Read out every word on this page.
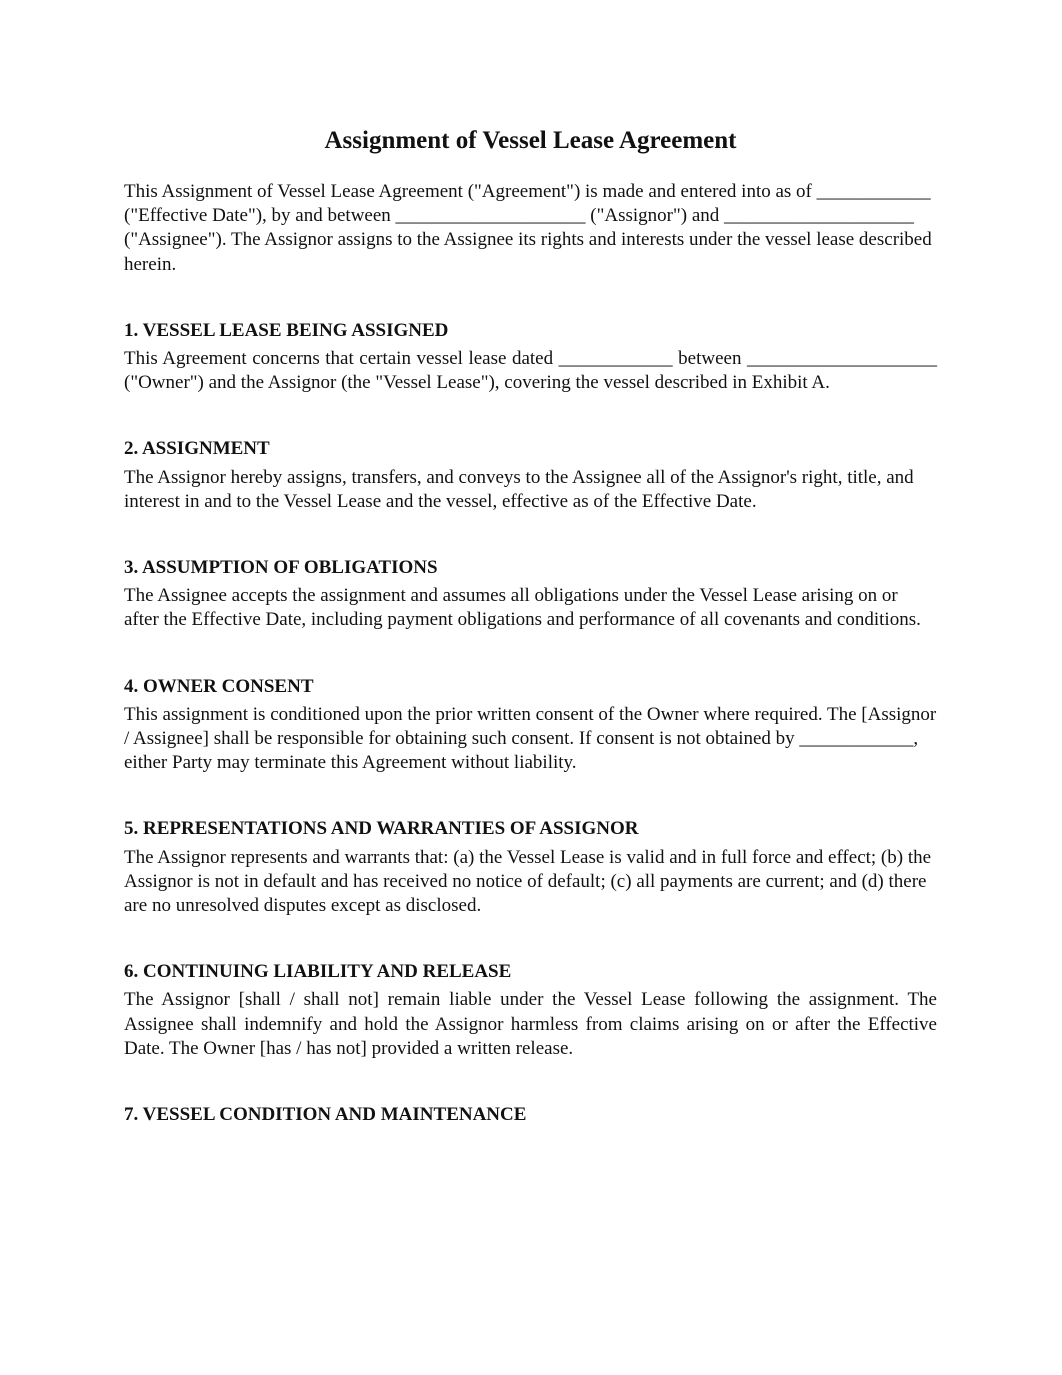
Assignment of Vessel Lease Agreement

This Assignment of Vessel Lease Agreement ("Agreement") is made and entered into as of ____________ ("Effective Date"), by and between ____________________ ("Assignor") and ____________________ ("Assignee"). The Assignor assigns to the Assignee its rights and interests under the vessel lease described herein.

1. VESSEL LEASE BEING ASSIGNED

This Agreement concerns that certain vessel lease dated ____________ between ____________________ ("Owner") and the Assignor (the "Vessel Lease"), covering the vessel described in Exhibit A.

2. ASSIGNMENT

The Assignor hereby assigns, transfers, and conveys to the Assignee all of the Assignor's right, title, and interest in and to the Vessel Lease and the vessel, effective as of the Effective Date.

3. ASSUMPTION OF OBLIGATIONS

The Assignee accepts the assignment and assumes all obligations under the Vessel Lease arising on or after the Effective Date, including payment obligations and performance of all covenants and conditions.

4. OWNER CONSENT

This assignment is conditioned upon the prior written consent of the Owner where required. The [Assignor / Assignee] shall be responsible for obtaining such consent. If consent is not obtained by ____________, either Party may terminate this Agreement without liability.

5. REPRESENTATIONS AND WARRANTIES OF ASSIGNOR

The Assignor represents and warrants that: (a) the Vessel Lease is valid and in full force and effect; (b) the Assignor is not in default and has received no notice of default; (c) all payments are current; and (d) there are no unresolved disputes except as disclosed.

6. CONTINUING LIABILITY AND RELEASE

The Assignor [shall / shall not] remain liable under the Vessel Lease following the assignment. The Assignee shall indemnify and hold the Assignor harmless from claims arising on or after the Effective Date. The Owner [has / has not] provided a written release.

7. VESSEL CONDITION AND MAINTENANCE
